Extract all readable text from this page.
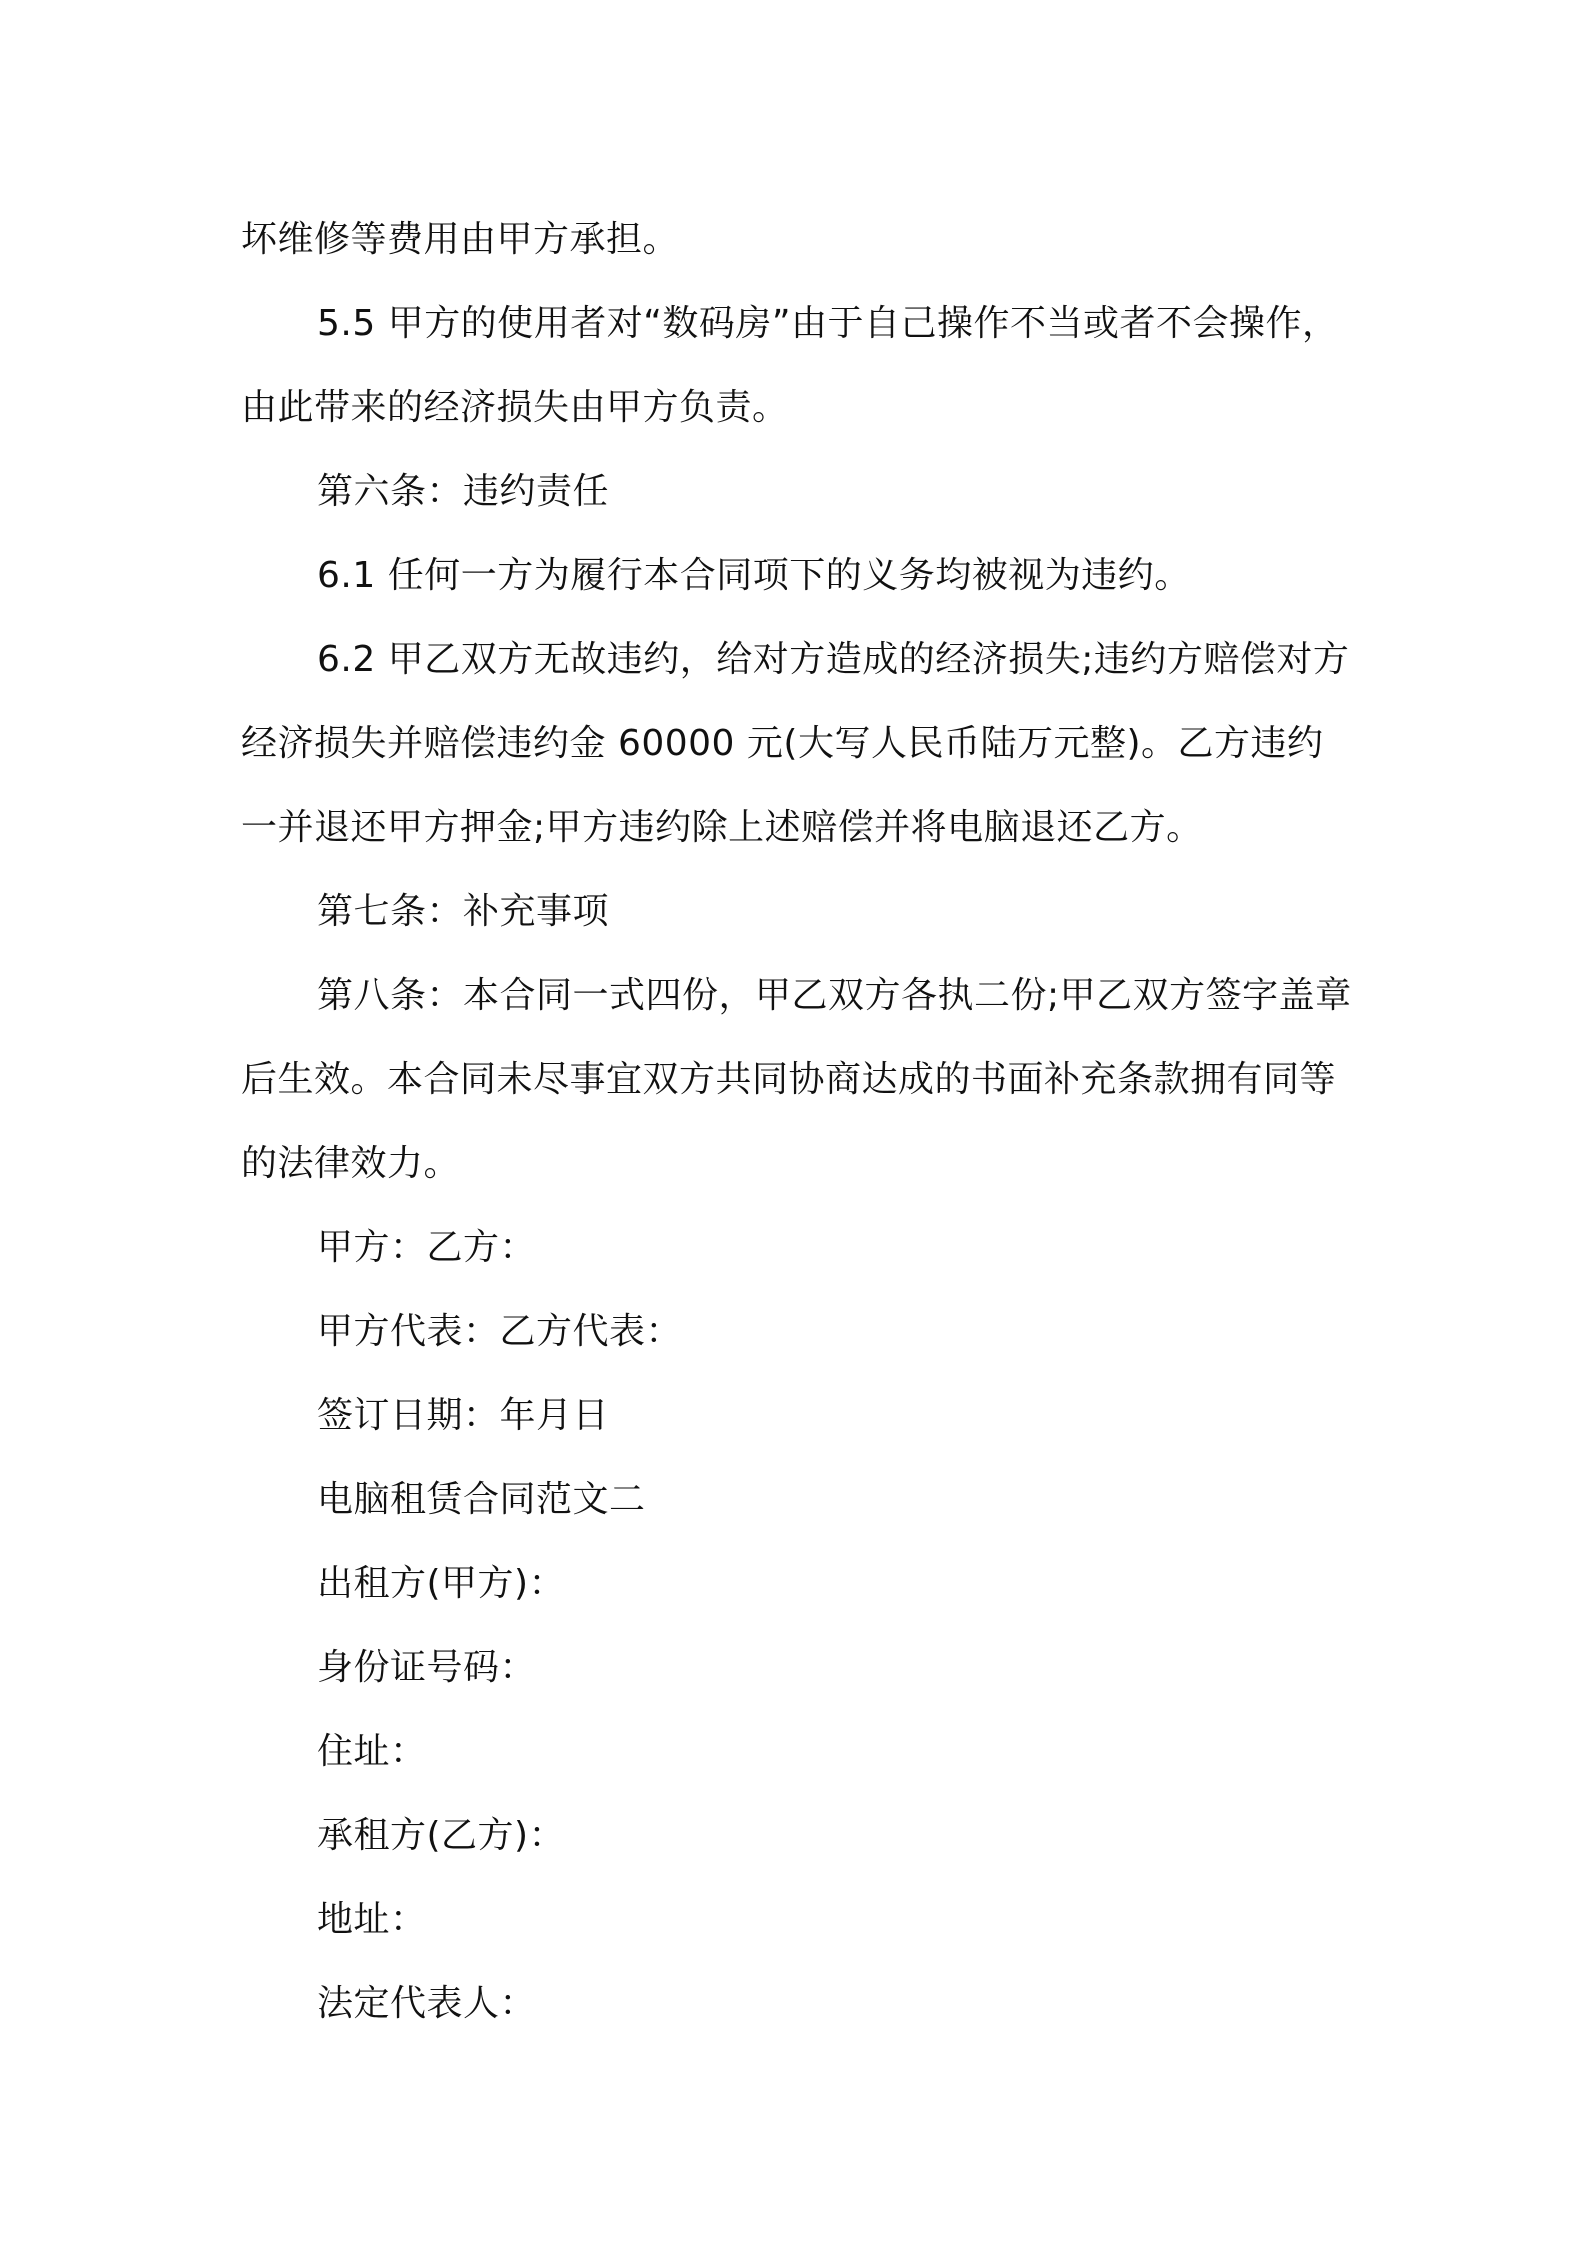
坏维修等费用由甲方承担。

5.5 甲方的使用者对“数码房”由于自己操作不当或者不会操作，由此带来的经济损失由甲方负责。

第六条：违约责任

6.1 任何一方为履行本合同项下的义务均被视为违约。

6.2 甲乙双方无故违约，给对方造成的经济损失;违约方赔偿对方经济损失并赔偿违约金 60000 元(大写人民币陆万元整)。乙方违约一并退还甲方押金;甲方违约除上述赔偿并将电脑退还乙方。

第七条：补充事项

第八条：本合同一式四份，甲乙双方各执二份;甲乙双方签字盖章后生效。本合同未尽事宜双方共同协商达成的书面补充条款拥有同等的法律效力。

甲方：乙方：

甲方代表：乙方代表：

签订日期：年月日

电脑租赁合同范文二

出租方(甲方)：

身份证号码：

住址：

承租方(乙方)：

地址：

法定代表人：
